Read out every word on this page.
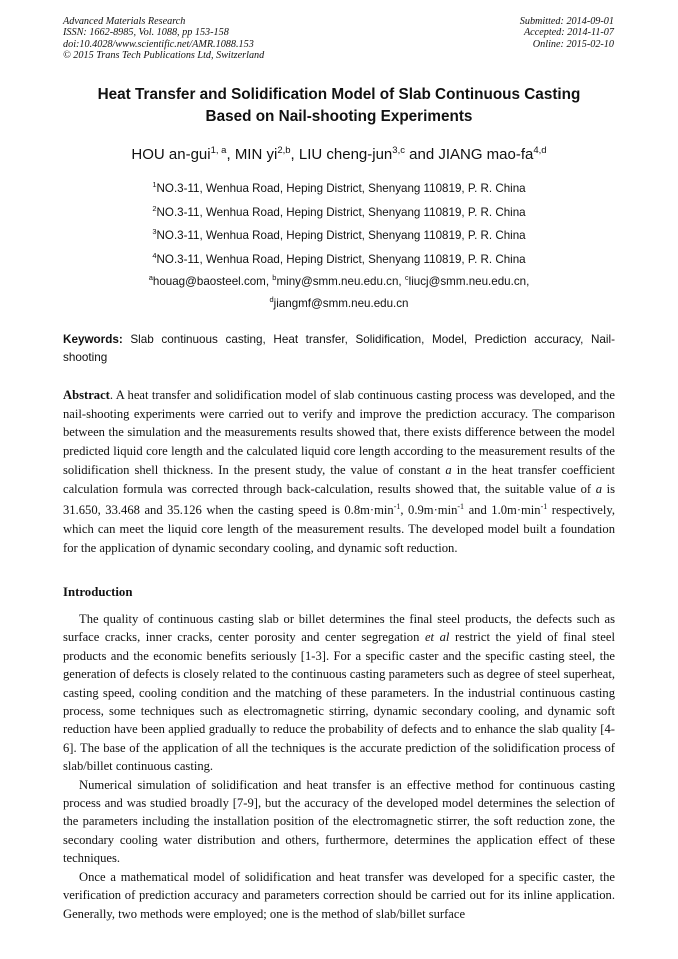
Advanced Materials Research
ISSN: 1662-8985, Vol. 1088, pp 153-158
doi:10.4028/www.scientific.net/AMR.1088.153
© 2015 Trans Tech Publications Ltd, Switzerland
Submitted: 2014-09-01
Accepted: 2014-11-07
Online: 2015-02-10
Heat Transfer and Solidification Model of Slab Continuous Casting
Based on Nail-shooting Experiments
HOU an-gui$^{1, a}$, MIN yi$^{2,b}$, LIU cheng-jun$^{3,c}$ and JIANG mao-fa$^{4,d}$
$^1$NO.3-11, Wenhua Road, Heping District, Shenyang 110819, P. R. China
$^2$NO.3-11, Wenhua Road, Heping District, Shenyang 110819, P. R. China
$^3$NO.3-11, Wenhua Road, Heping District, Shenyang 110819, P. R. China
$^4$NO.3-11, Wenhua Road, Heping District, Shenyang 110819, P. R. China
$^a$houag@baosteel.com, $^b$miny@smm.neu.edu.cn, $^c$liucj@smm.neu.edu.cn,
$^d$jiangmf@smm.neu.edu.cn
Keywords: Slab continuous casting, Heat transfer, Solidification, Model, Prediction accuracy, Nail-shooting
Abstract. A heat transfer and solidification model of slab continuous casting process was developed, and the nail-shooting experiments were carried out to verify and improve the prediction accuracy. The comparison between the simulation and the measurements results showed that, there exists difference between the model predicted liquid core length and the calculated liquid core length according to the measurement results of the solidification shell thickness. In the present study, the value of constant a in the heat transfer coefficient calculation formula was corrected through back-calculation, results showed that, the suitable value of a is 31.650, 33.468 and 35.126 when the casting speed is $0.8m\cdot\min^{-1}$, $0.9m\cdot\min^{-1}$ and $1.0m\cdot\min^{-1}$ respectively, which can meet the liquid core length of the measurement results. The developed model built a foundation for the application of dynamic secondary cooling, and dynamic soft reduction.
Introduction

The quality of continuous casting slab or billet determines the final steel products, the defects such as surface cracks, inner cracks, center porosity and center segregation et al restrict the yield of final steel products and the economic benefits seriously [1-3]. For a specific caster and the specific casting steel, the generation of defects is closely related to the continuous casting parameters such as degree of steel superheat, casting speed, cooling condition and the matching of these parameters. In the industrial continuous casting process, some techniques such as electromagnetic stirring, dynamic secondary cooling, and dynamic soft reduction have been applied gradually to reduce the probability of defects and to enhance the slab quality [4-6]. The base of the application of all the techniques is the accurate prediction of the solidification process of slab/billet continuous casting.

Numerical simulation of solidification and heat transfer is an effective method for continuous casting process and was studied broadly [7-9], but the accuracy of the developed model determines the selection of the parameters including the installation position of the electromagnetic stirrer, the soft reduction zone, the secondary cooling water distribution and others, furthermore, determines the application effect of these techniques.

Once a mathematical model of solidification and heat transfer was developed for a specific caster, the verification of prediction accuracy and parameters correction should be carried out for its inline application. Generally, two methods were employed; one is the method of slab/billet surface
